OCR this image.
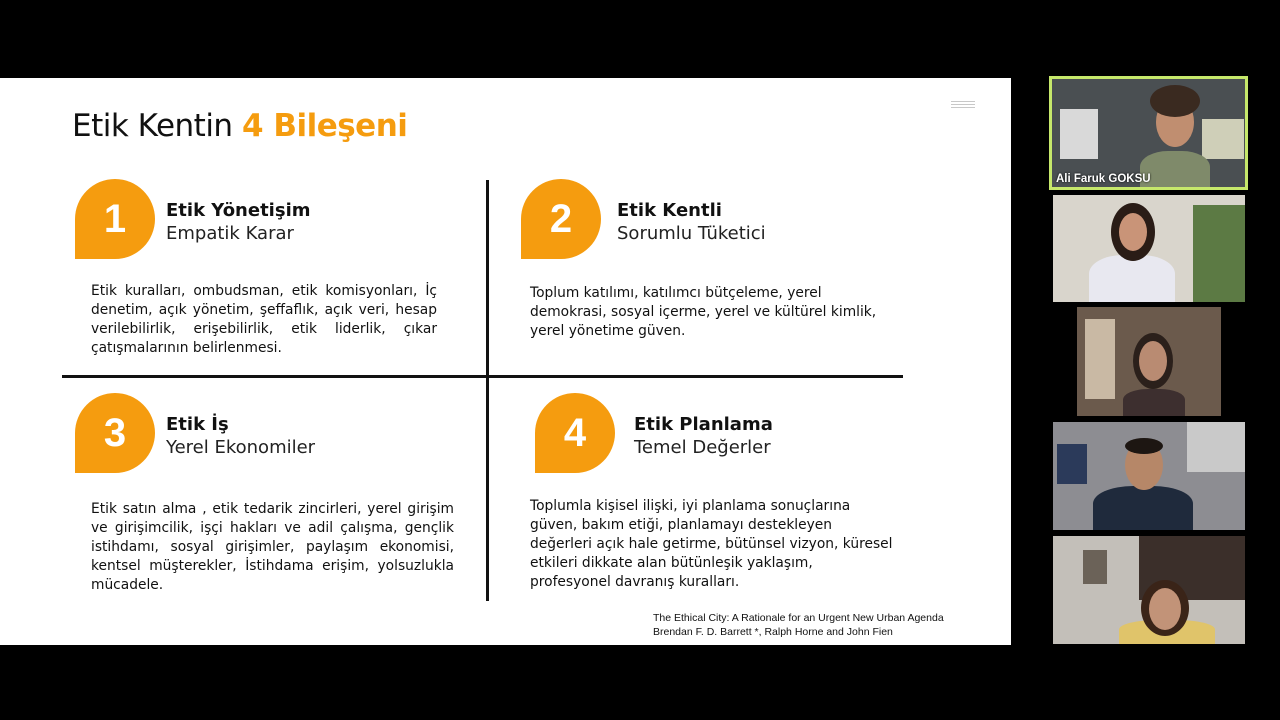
Etik Kentin 4 Bileşeni
1	Etik Yönetişim
Empatik Karar
Etik kuralları, ombudsman, etik komisyonları, İç denetim, açık yönetim, şeffaflık, açık veri, hesap verilebilirlik, erişebilirlik, etik liderlik, çıkar çatışmalarının belirlenmesi.
2	Etik Kentli
Sorumlu Tüketici
Toplum katılımı, katılımcı bütçeleme, yerel demokrasi, sosyal içerme, yerel ve kültürel kimlik, yerel yönetime güven.
3	Etik İş
Yerel Ekonomiler
Etik satın alma , etik tedarik zincirleri, yerel girişim ve girişimcilik, işçi hakları ve adil çalışma, gençlik istihdamı, sosyal girişimler, paylaşım ekonomisi, kentsel müşterekler, İstihdama erişim, yolsuzlukla mücadele.
4	Etik Planlama
Temel Değerler
Toplumla kişisel ilişki, iyi planlama sonuçlarına güven, bakım etiği, planlamayı destekleyen değerleri açık hale getirme, bütünsel vizyon, küresel etkileri dikkate alan bütünleşik yaklaşım, profesyonel davranış kuralları.
The Ethical City: A Rationale for an Urgent New Urban Agenda
Brendan F. D. Barrett *, Ralph Horne and John Fien
Ali Faruk GOKSU
